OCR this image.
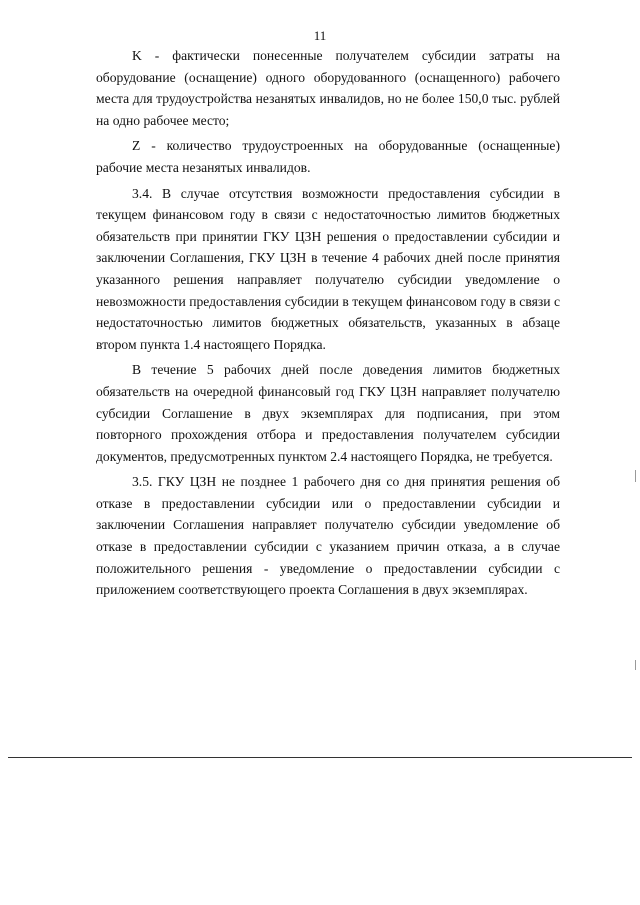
11

K - фактически понесенные получателем субсидии затраты на оборудование (оснащение) одного оборудованного (оснащенного) рабочего места для трудоустройства незанятых инвалидов, но не более 150,0 тыс. рублей на одно рабочее место;

Z - количество трудоустроенных на оборудованные (оснащенные) рабочие места незанятых инвалидов.

3.4. В случае отсутствия возможности предоставления субсидии в текущем финансовом году в связи с недостаточностью лимитов бюджетных обязательств при принятии ГКУ ЦЗН решения о предоставлении субсидии и заключении Соглашения, ГКУ ЦЗН в течение 4 рабочих дней после принятия указанного решения направляет получателю субсидии уведомление о невозможности предоставления субсидии в текущем финансовом году в связи с недостаточностью лимитов бюджетных обязательств, указанных в абзаце втором пункта 1.4 настоящего Порядка.

В течение 5 рабочих дней после доведения лимитов бюджетных обязательств на очередной финансовый год ГКУ ЦЗН направляет получателю субсидии Соглашение в двух экземплярах для подписания, при этом повторного прохождения отбора и предоставления получателем субсидии документов, предусмотренных пунктом 2.4 настоящего Порядка, не требуется.

3.5. ГКУ ЦЗН не позднее 1 рабочего дня со дня принятия решения об отказе в предоставлении субсидии или о предоставлении субсидии и заключении Соглашения направляет получателю субсидии уведомление об отказе в предоставлении субсидии с указанием причин отказа, а в случае положительного решения - уведомление о предоставлении субсидии с приложением соответствующего проекта Соглашения в двух экземплярах.
